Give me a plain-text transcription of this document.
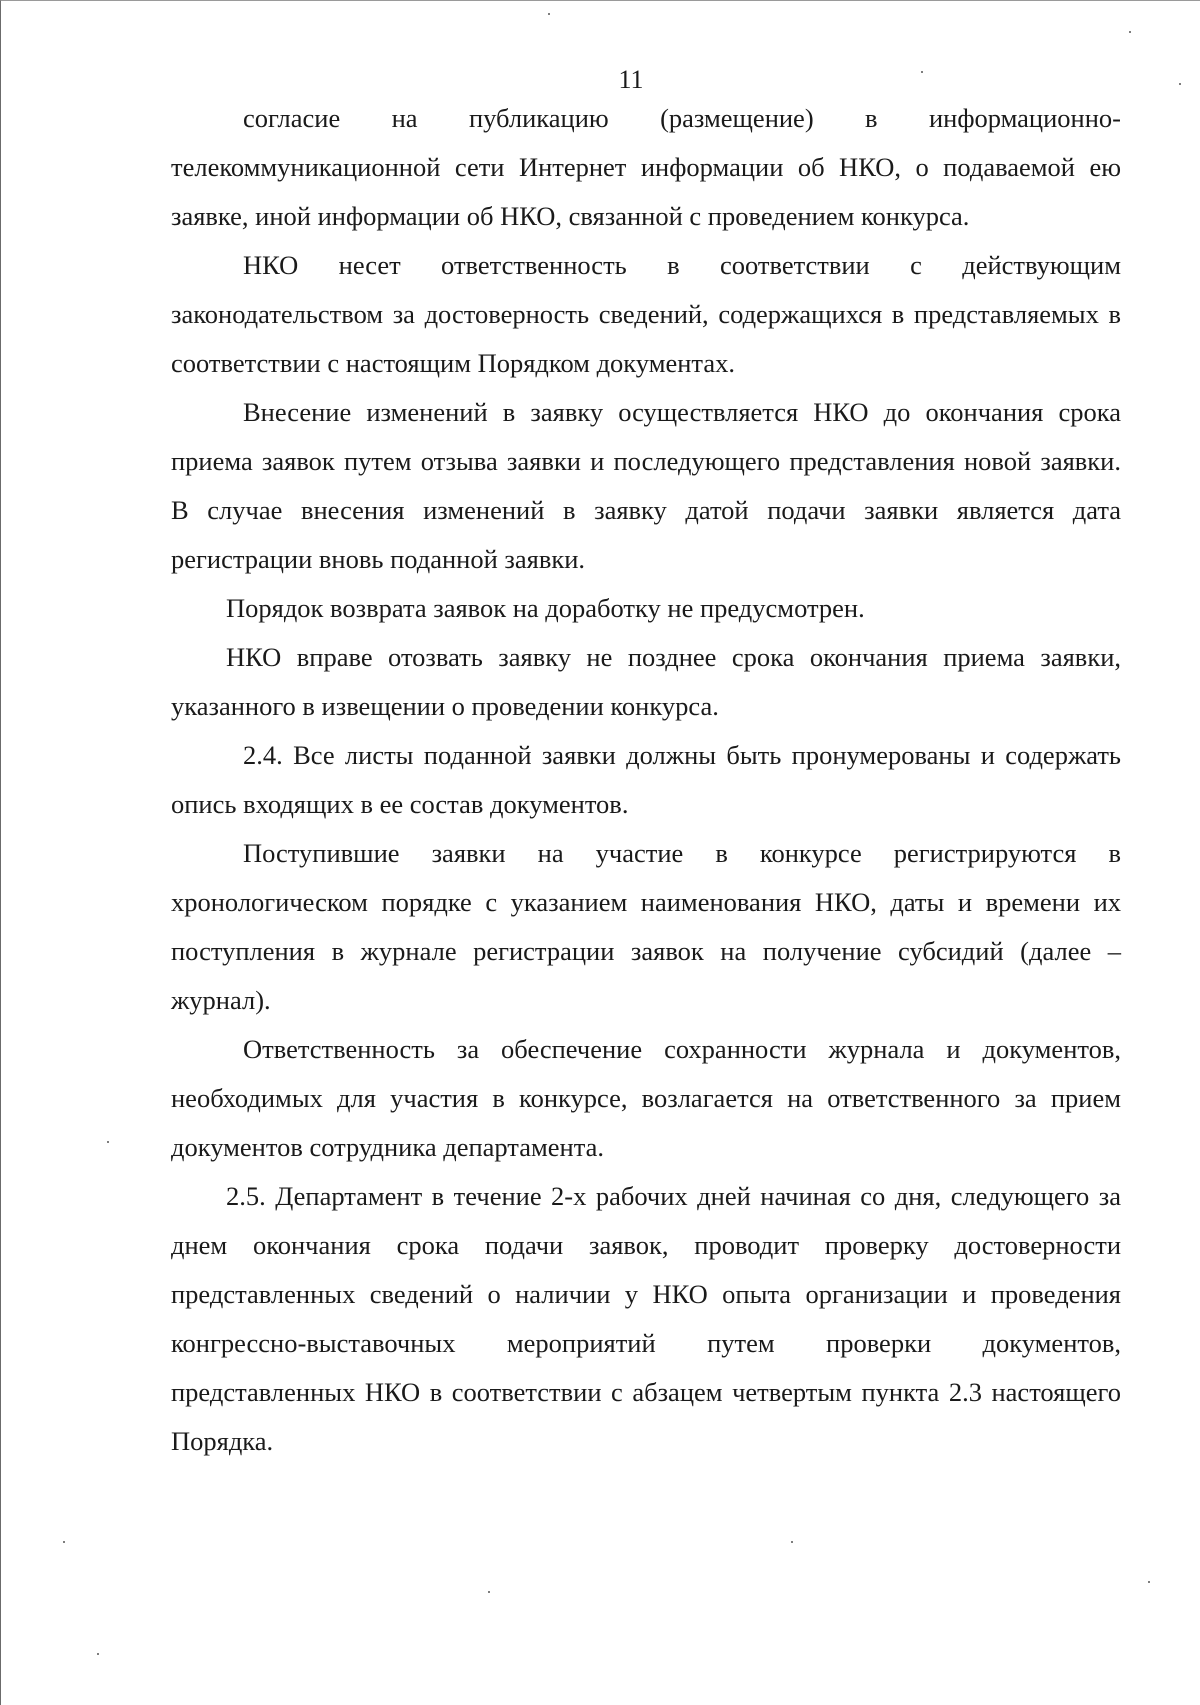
11

согласие на публикацию (размещение) в информационно-телекоммуникационной сети Интернет информации об НКО, о подаваемой ею заявке, иной информации об НКО, связанной с проведением конкурса.

НКО несет ответственность в соответствии с действующим законодательством за достоверность сведений, содержащихся в представляемых в соответствии с настоящим Порядком документах.

Внесение изменений в заявку осуществляется НКО до окончания срока приема заявок путем отзыва заявки и последующего представления новой заявки. В случае внесения изменений в заявку датой подачи заявки является дата регистрации вновь поданной заявки.

Порядок возврата заявок на доработку не предусмотрен.

НКО вправе отозвать заявку не позднее срока окончания приема заявки, указанного в извещении о проведении конкурса.

2.4. Все листы поданной заявки должны быть пронумерованы и содержать опись входящих в ее состав документов.

Поступившие заявки на участие в конкурсе регистрируются в хронологическом порядке с указанием наименования НКО, даты и времени их поступления в журнале регистрации заявок на получение субсидий (далее – журнал).

Ответственность за обеспечение сохранности журнала и документов, необходимых для участия в конкурсе, возлагается на ответственного за прием документов сотрудника департамента.

2.5. Департамент в течение 2-х рабочих дней начиная со дня, следующего за днем окончания срока подачи заявок, проводит проверку достоверности представленных сведений о наличии у НКО опыта организации и проведения конгрессно-выставочных мероприятий путем проверки документов, представленных НКО в соответствии с абзацем четвертым пункта 2.3 настоящего Порядка.
